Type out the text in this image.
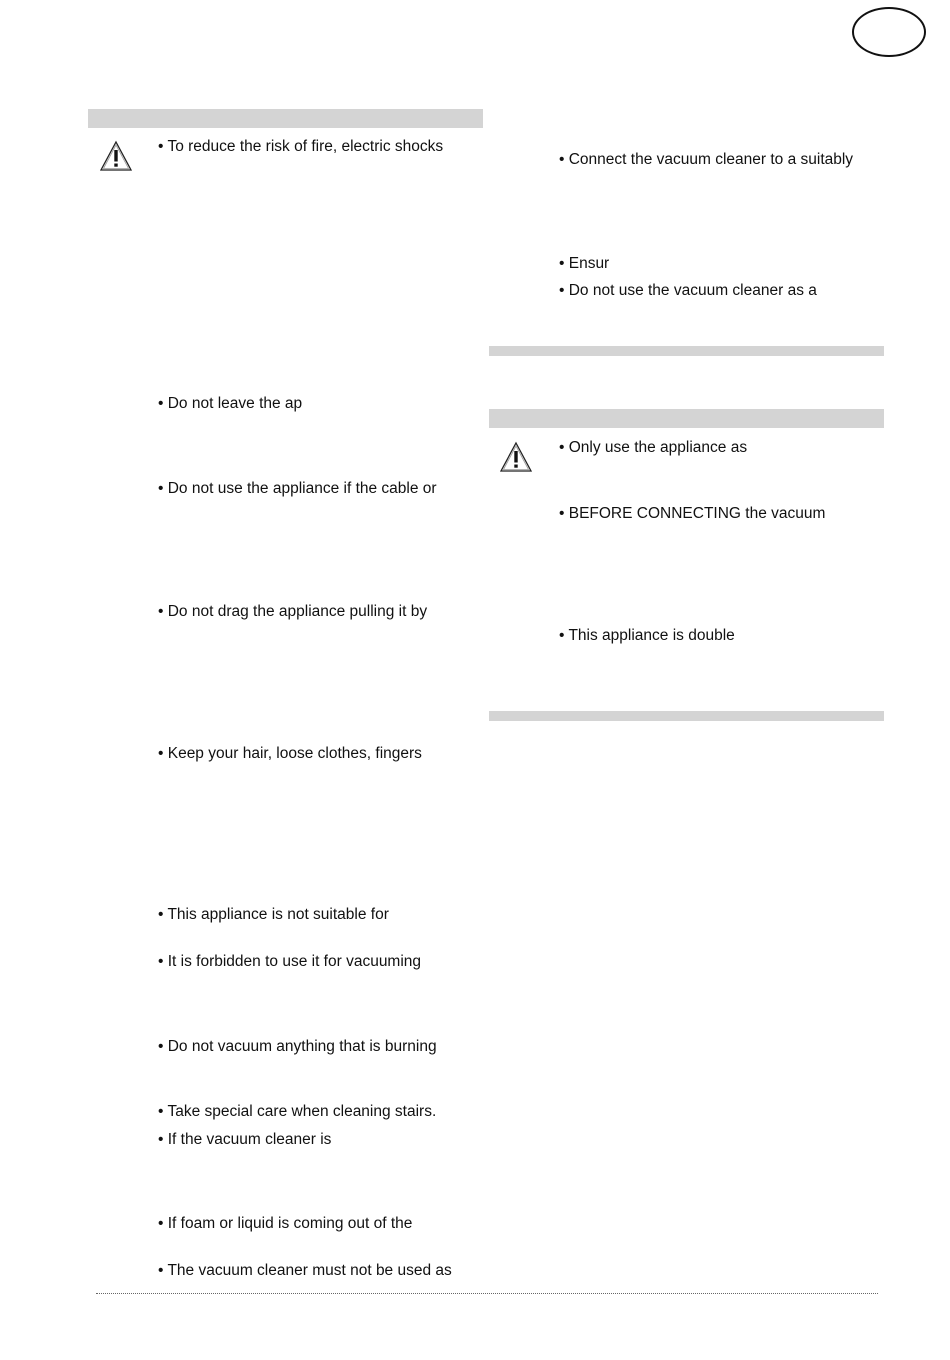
• To reduce the risk of fire, electric shocks
• Do not leave the ap
• Do not use the appliance if the cable or
• Do not drag the appliance pulling it by
• Keep your hair, loose clothes, fingers
• This appliance is not suitable for
• It is forbidden to use it for vacuuming
• Do not vacuum anything that is burning
• Take special care when cleaning stairs.
• If the vacuum cleaner is
• If foam or liquid is coming out of the
• The vacuum cleaner must not be used as
• Connect the vacuum cleaner to a suitably
• Ensur
• Do not use the vacuum cleaner as a
• Only use the appliance as
• BEFORE CONNECTING the vacuum
• This appliance is double
